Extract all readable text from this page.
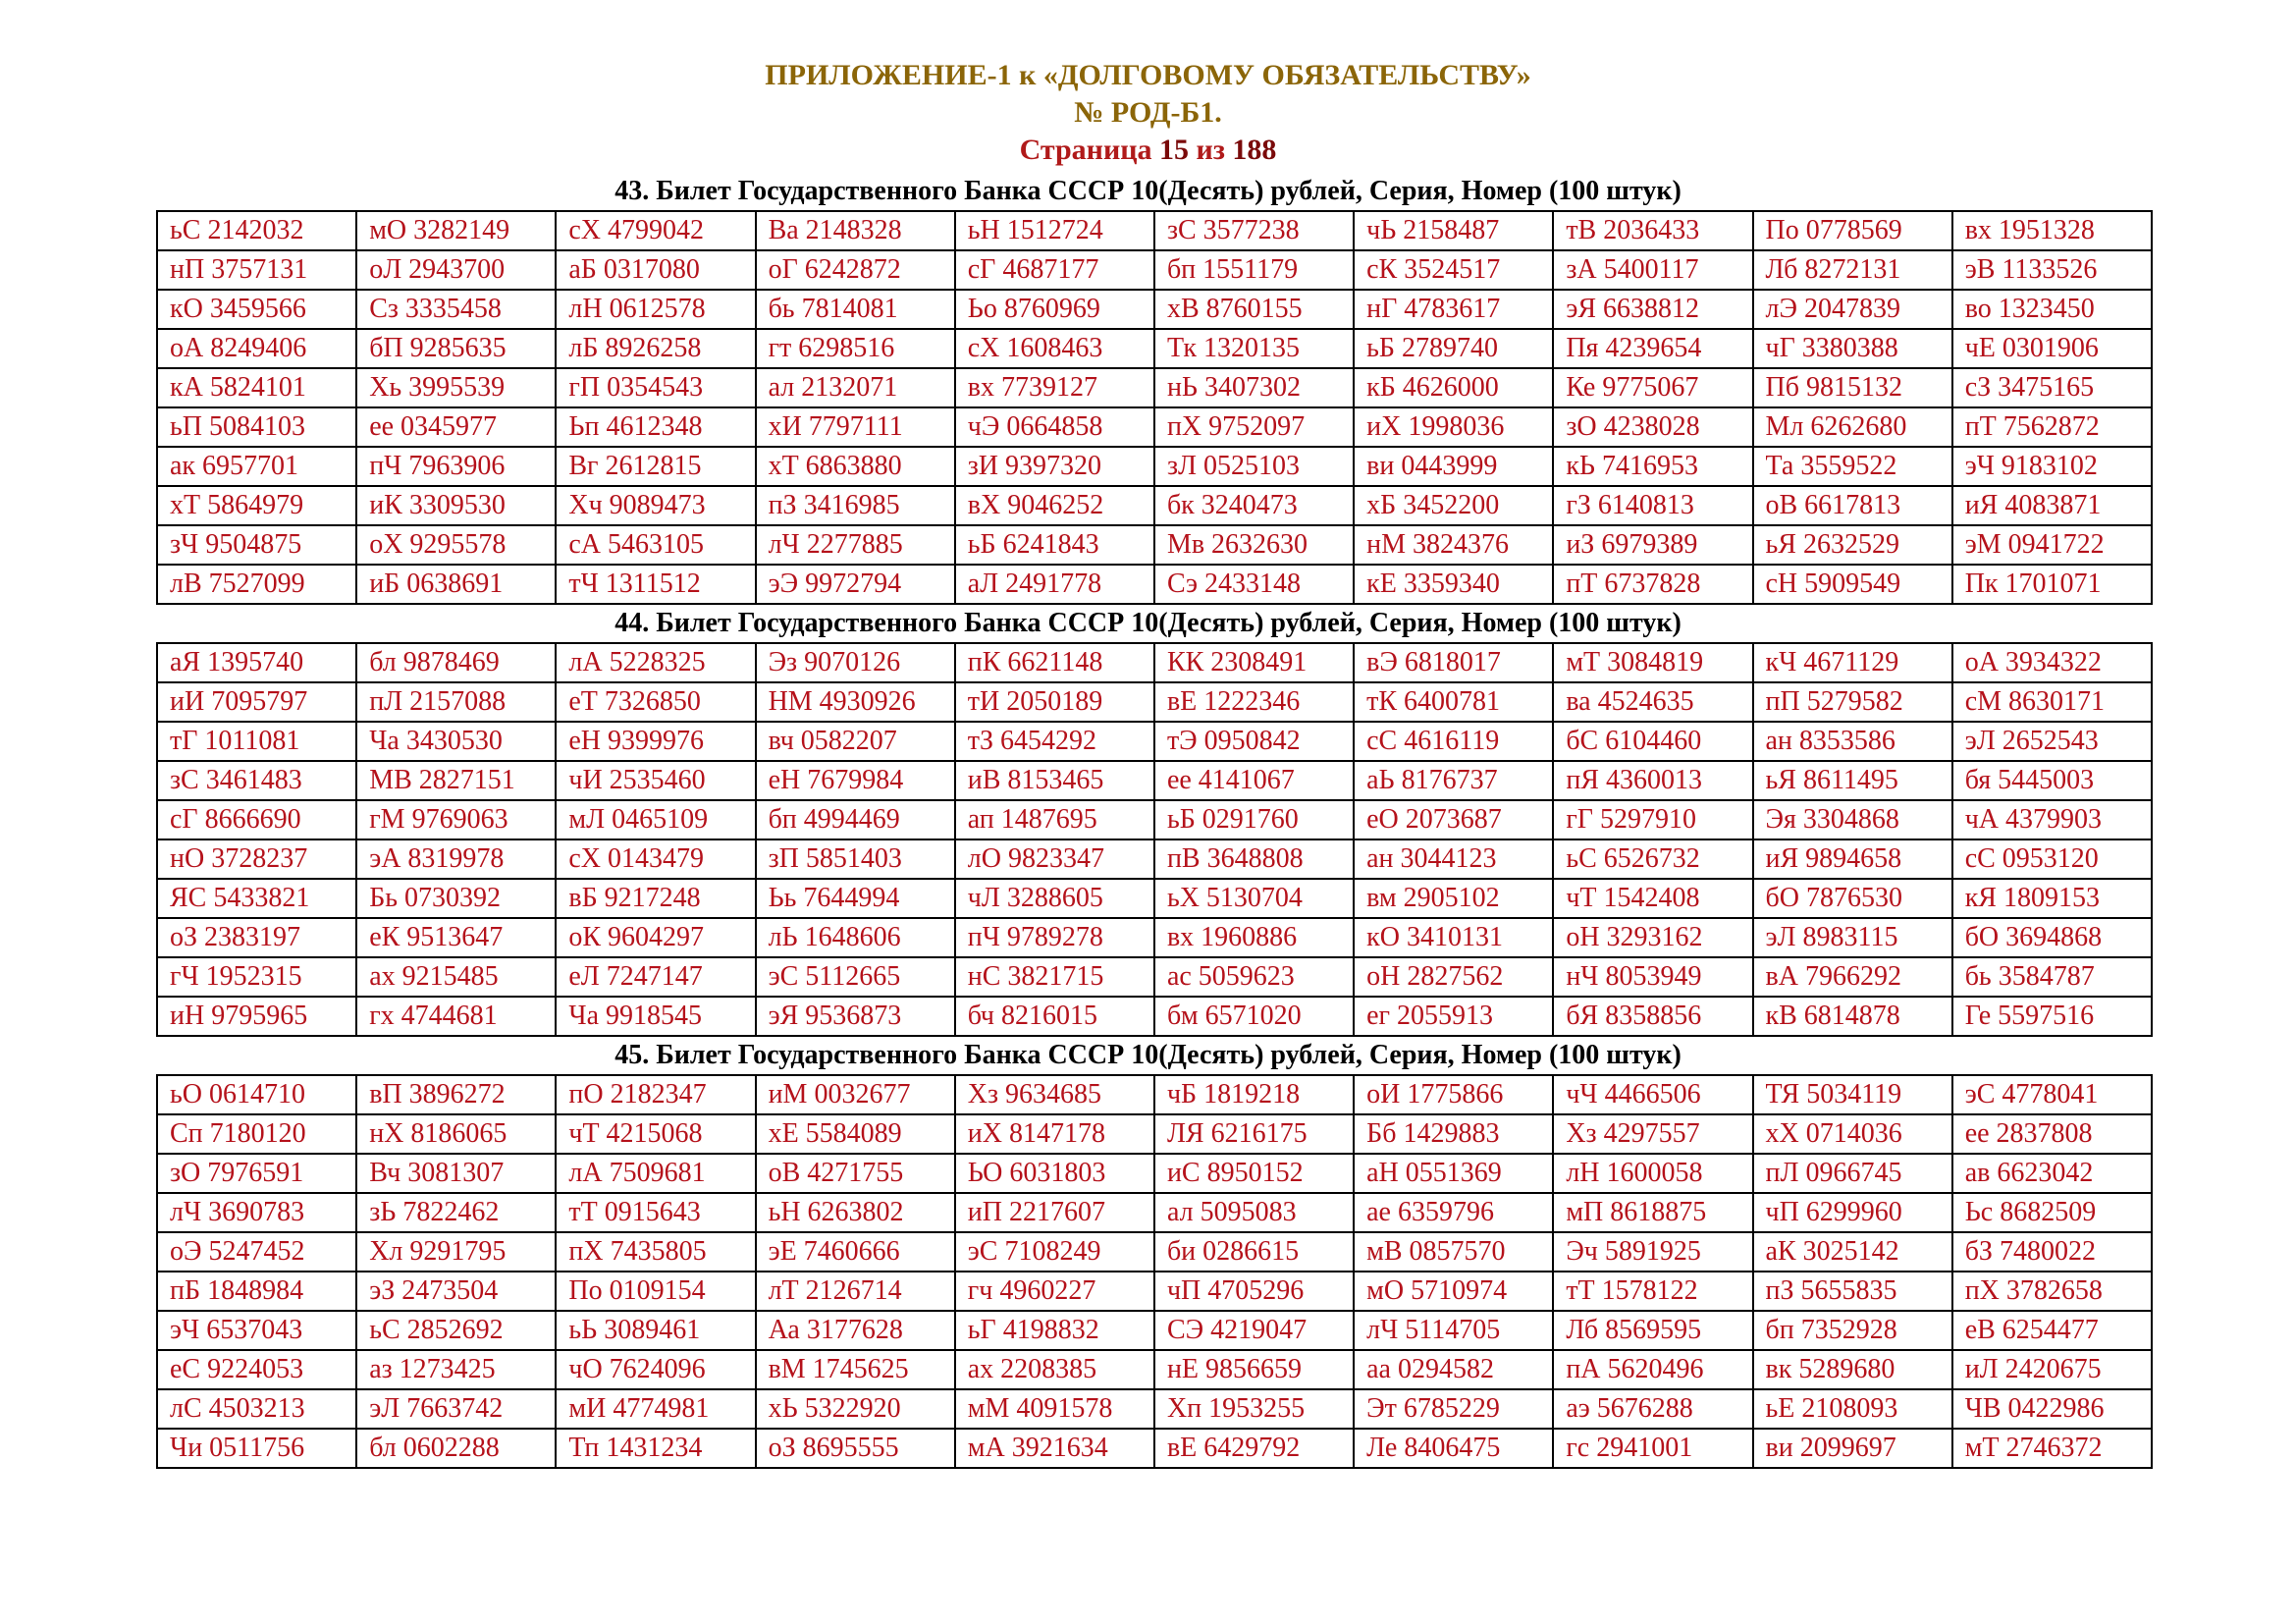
ПРИЛОЖЕНИЕ-1 к «ДОЛГОВОМУ ОБЯЗАТЕЛЬСТВУ»
№ РОД-Б1.
Страница 15 из 188
43. Билет Государственного Банка СССР 10(Десять) рублей, Серия, Номер (100 штук)
ьС 2142032	мО 3282149	сХ 4799042	Ва 2148328	ьН 1512724	зС 3577238	чЬ 2158487	тВ 2036433	По 0778569	вх 1951328
нП 3757131	оЛ 2943700	аБ 0317080	оГ 6242872	сГ 4687177	бп 1551179	сК 3524517	зА 5400117	Лб 8272131	эВ 1133526
кО 3459566	Сз 3335458	лН 0612578	бь 7814081	Ьо 8760969	хВ 8760155	нГ 4783617	эЯ 6638812	лЭ 2047839	во 1323450
оА 8249406	бП 9285635	лБ 8926258	гт 6298516	сХ 1608463	Тк 1320135	ьБ 2789740	Пя 4239654	чГ 3380388	чЕ 0301906
кА 5824101	Хь 3995539	гП 0354543	ал 2132071	вх 7739127	нЬ 3407302	кБ 4626000	Ке 9775067	Пб 9815132	сЗ 3475165
ьП 5084103	ее 0345977	Ьп 4612348	хИ 7797111	чЭ 0664858	пХ 9752097	иХ 1998036	зО 4238028	Мл 6262680	пТ 7562872
ак 6957701	пЧ 7963906	Вг 2612815	хТ 6863880	зИ 9397320	зЛ 0525103	ви 0443999	кЬ 7416953	Та 3559522	эЧ 9183102
хТ 5864979	иК 3309530	Хч 9089473	пЗ 3416985	вХ 9046252	бк 3240473	хБ 3452200	гЗ 6140813	оВ 6617813	иЯ 4083871
зЧ 9504875	оХ 9295578	сА 5463105	лЧ 2277885	ьБ 6241843	Мв 2632630	нМ 3824376	иЗ 6979389	ьЯ 2632529	эМ 0941722
лВ 7527099	иБ 0638691	тЧ 1311512	эЭ 9972794	аЛ 2491778	Сэ 2433148	кЕ 3359340	пТ 6737828	сН 5909549	Пк 1701071
44. Билет Государственного Банка СССР 10(Десять) рублей, Серия, Номер (100 штук)
аЯ 1395740	бл 9878469	лА 5228325	Эз 9070126	пК 6621148	КК 2308491	вЭ 6818017	мТ 3084819	кЧ 4671129	оА 3934322
иИ 7095797	пЛ 2157088	еТ 7326850	НМ 4930926	тИ 2050189	вЕ 1222346	тК 6400781	ва 4524635	пП 5279582	сМ 8630171
тГ 1011081	Ча 3430530	еН 9399976	вч 0582207	тЗ 6454292	тЭ 0950842	сС 4616119	бС 6104460	ан 8353586	эЛ 2652543
зС 3461483	МВ 2827151	чИ 2535460	еН 7679984	иВ 8153465	ее 4141067	аЬ 8176737	пЯ 4360013	ьЯ 8611495	бя 5445003
сГ 8666690	гМ 9769063	мЛ 0465109	бп 4994469	ап 1487695	ьБ 0291760	еО 2073687	гГ 5297910	Эя 3304868	чА 4379903
нО 3728237	эА 8319978	сХ 0143479	зП 5851403	лО 9823347	пВ 3648808	ан 3044123	ьС 6526732	иЯ 9894658	сС 0953120
ЯС 5433821	Бь 0730392	вБ 9217248	Ьь 7644994	чЛ 3288605	ьХ 5130704	вм 2905102	чТ 1542408	бО 7876530	кЯ 1809153
оЗ 2383197	еК 9513647	оК 9604297	лЬ 1648606	пЧ 9789278	вх 1960886	кО 3410131	оН 3293162	эЛ 8983115	бО 3694868
гЧ 1952315	ах 9215485	еЛ 7247147	эС 5112665	нС 3821715	ас 5059623	оН 2827562	нЧ 8053949	вА 7966292	бь 3584787
иН 9795965	гх 4744681	Ча 9918545	эЯ 9536873	бч 8216015	бм 6571020	ег 2055913	бЯ 8358856	кВ 6814878	Ге 5597516
45. Билет Государственного Банка СССР 10(Десять) рублей, Серия, Номер (100 штук)
ьО 0614710	вП 3896272	пО 2182347	иМ 0032677	Хз 9634685	чБ 1819218	оИ 1775866	чЧ 4466506	ТЯ 5034119	эС 4778041
Сп 7180120	нХ 8186065	чТ 4215068	хЕ 5584089	иХ 8147178	ЛЯ 6216175	Бб 1429883	Хз 4297557	хХ 0714036	ее 2837808
зО 7976591	Вч 3081307	лА 7509681	оВ 4271755	ЬО 6031803	иС 8950152	аН 0551369	лН 1600058	пЛ 0966745	ав 6623042
лЧ 3690783	зЬ 7822462	тТ 0915643	ьН 6263802	иП 2217607	ал 5095083	ае 6359796	мП 8618875	чП 6299960	Ьс 8682509
оЭ 5247452	Хл 9291795	пХ 7435805	эЕ 7460666	эС 7108249	би 0286615	мВ 0857570	Эч 5891925	аК 3025142	бЗ 7480022
пБ 1848984	эЗ 2473504	По 0109154	лТ 2126714	гч 4960227	чП 4705296	мО 5710974	тТ 1578122	пЗ 5655835	пХ 3782658
эЧ 6537043	ьС 2852692	ьЬ 3089461	Аа 3177628	ьГ 4198832	СЭ 4219047	лЧ 5114705	Лб 8569595	бп 7352928	еВ 6254477
еС 9224053	аз 1273425	чО 7624096	вМ 1745625	ах 2208385	нЕ 9856659	аа 0294582	пА 5620496	вк 5289680	иЛ 2420675
лС 4503213	эЛ 7663742	мИ 4774981	хЬ 5322920	мМ 4091578	Хп 1953255	Эт 6785229	аэ 5676288	ьЕ 2108093	ЧВ 0422986
Чи 0511756	бл 0602288	Тп 1431234	оЗ 8695555	мА 3921634	вЕ 6429792	Ле 8406475	гс 2941001	ви 2099697	мТ 2746372
